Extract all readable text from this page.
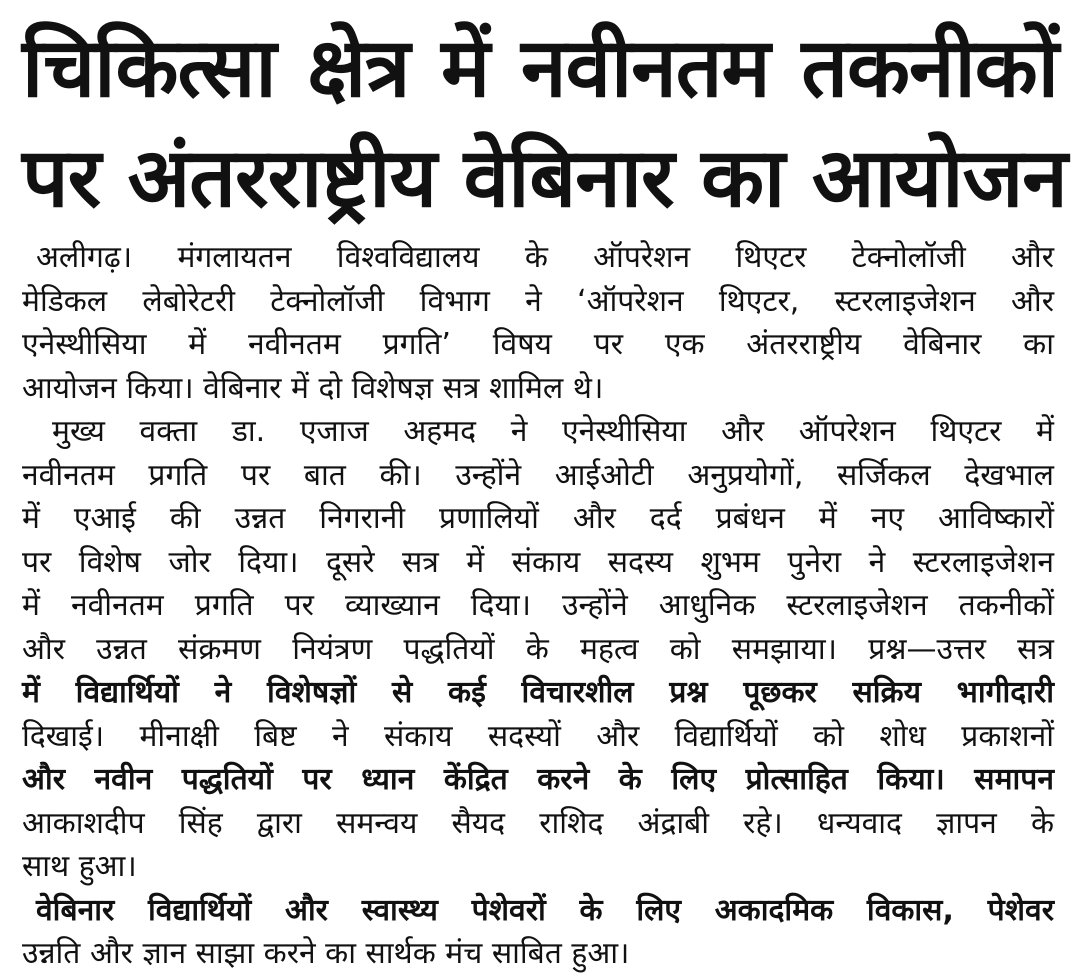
चिकित्सा क्षेत्र में नवीनतम तकनीकों
पर अंतरराष्ट्रीय वेबिनार का आयोजन
अलीगढ़। मंगलायतन विश्वविद्यालय के ऑपरेशन थिएटर टेक्नोलॉजी और
मेडिकल लेबोरेटरी टेक्नोलॉजी विभाग ने ‘ऑपरेशन थिएटर, स्टरलाइजेशन और
एनेस्थीसिया में नवीनतम प्रगति’ विषय पर एक अंतरराष्ट्रीय वेबिनार का
आयोजन किया। वेबिनार में दो विशेषज्ञ सत्र शामिल थे।
मुख्य वक्ता डा. एजाज अहमद ने एनेस्थीसिया और ऑपरेशन थिएटर में
नवीनतम प्रगति पर बात की। उन्होंने आईओटी अनुप्रयोगों, सर्जिकल देखभाल
में एआई की उन्नत निगरानी प्रणालियों और दर्द प्रबंधन में नए आविष्कारों
पर विशेष जोर दिया। दूसरे सत्र में संकाय सदस्य शुभम पुनेरा ने स्टरलाइजेशन
में नवीनतम प्रगति पर व्याख्यान दिया। उन्होंने आधुनिक स्टरलाइजेशन तकनीकों
और उन्नत संक्रमण नियंत्रण पद्धतियों के महत्व को समझाया। प्रश्न—उत्तर सत्र
में विद्यार्थियों ने विशेषज्ञों से कई विचारशील प्रश्न पूछकर सक्रिय भागीदारी
दिखाई। मीनाक्षी बिष्ट ने संकाय सदस्यों और विद्यार्थियों को शोध प्रकाशनों
और नवीन पद्धतियों पर ध्यान केंद्रित करने के लिए प्रोत्साहित किया। समापन
आकाशदीप सिंह द्वारा समन्वय सैयद राशिद अंद्राबी रहे। धन्यवाद ज्ञापन के
साथ हुआ।
वेबिनार विद्यार्थियों और स्वास्थ्य पेशेवरों के लिए अकादमिक विकास, पेशेवर
उन्नति और ज्ञान साझा करने का सार्थक मंच साबित हुआ।
